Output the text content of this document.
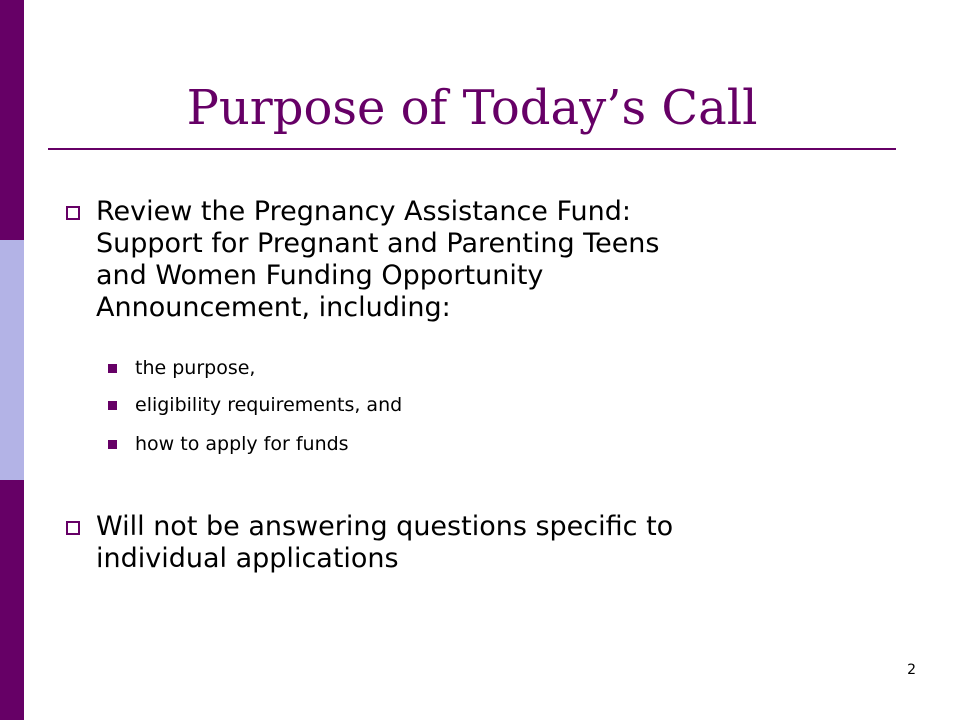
Purpose of Today’s Call
Review the Pregnancy Assistance Fund:
Support for Pregnant and Parenting Teens
and Women Funding Opportunity
Announcement, including:
the purpose,
eligibility requirements, and
how to apply for funds
Will not be answering questions specific to
individual applications
2
